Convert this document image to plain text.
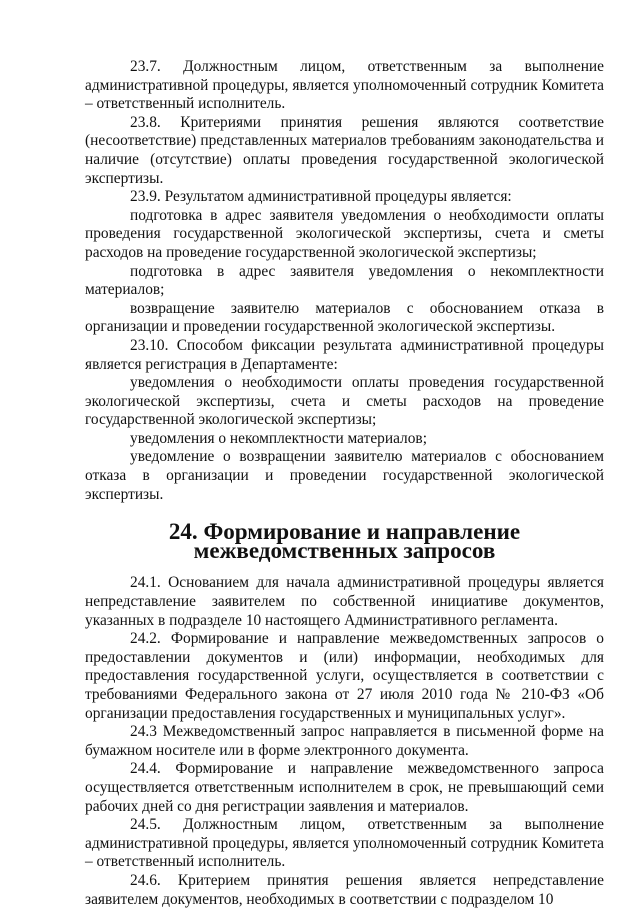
23.7. Должностным лицом, ответственным за выполнение административной процедуры, является уполномоченный сотрудник Комитета – ответственный исполнитель.

23.8. Критериями принятия решения являются соответствие (несоответствие) представленных материалов требованиям законодательства и наличие (отсутствие) оплаты проведения государственной экологической экспертизы.

23.9. Результатом административной процедуры является:

подготовка в адрес заявителя уведомления о необходимости оплаты проведения государственной экологической экспертизы, счета и сметы расходов на проведение государственной экологической экспертизы;

подготовка в адрес заявителя уведомления о некомплектности материалов;

возвращение заявителю материалов с обоснованием отказа в организации и проведении государственной экологической экспертизы.

23.10. Способом фиксации результата административной процедуры является регистрация в Департаменте:

уведомления о необходимости оплаты проведения государственной экологической экспертизы, счета и сметы расходов на проведение государственной экологической экспертизы;

уведомления о некомплектности материалов;

уведомление о возвращении заявителю материалов с обоснованием отказа в организации и проведении государственной экологической экспертизы.

24. Формирование и направление межведомственных запросов

24.1. Основанием для начала административной процедуры является непредставление заявителем по собственной инициативе документов, указанных в подразделе 10 настоящего Административного регламента.

24.2. Формирование и направление межведомственных запросов о предоставлении документов и (или) информации, необходимых для предоставления государственной услуги, осуществляется в соответствии с требованиями Федерального закона от 27 июля 2010 года № 210-ФЗ «Об организации предоставления государственных и муниципальных услуг».

24.3 Межведомственный запрос направляется в письменной форме на бумажном носителе или в форме электронного документа.

24.4. Формирование и направление межведомственного запроса осуществляется ответственным исполнителем в срок, не превышающий семи рабочих дней со дня регистрации заявления и материалов.

24.5. Должностным лицом, ответственным за выполнение административной процедуры, является уполномоченный сотрудник Комитета – ответственный исполнитель.

24.6. Критерием принятия решения является непредставление заявителем документов, необходимых в соответствии с подразделом 10
